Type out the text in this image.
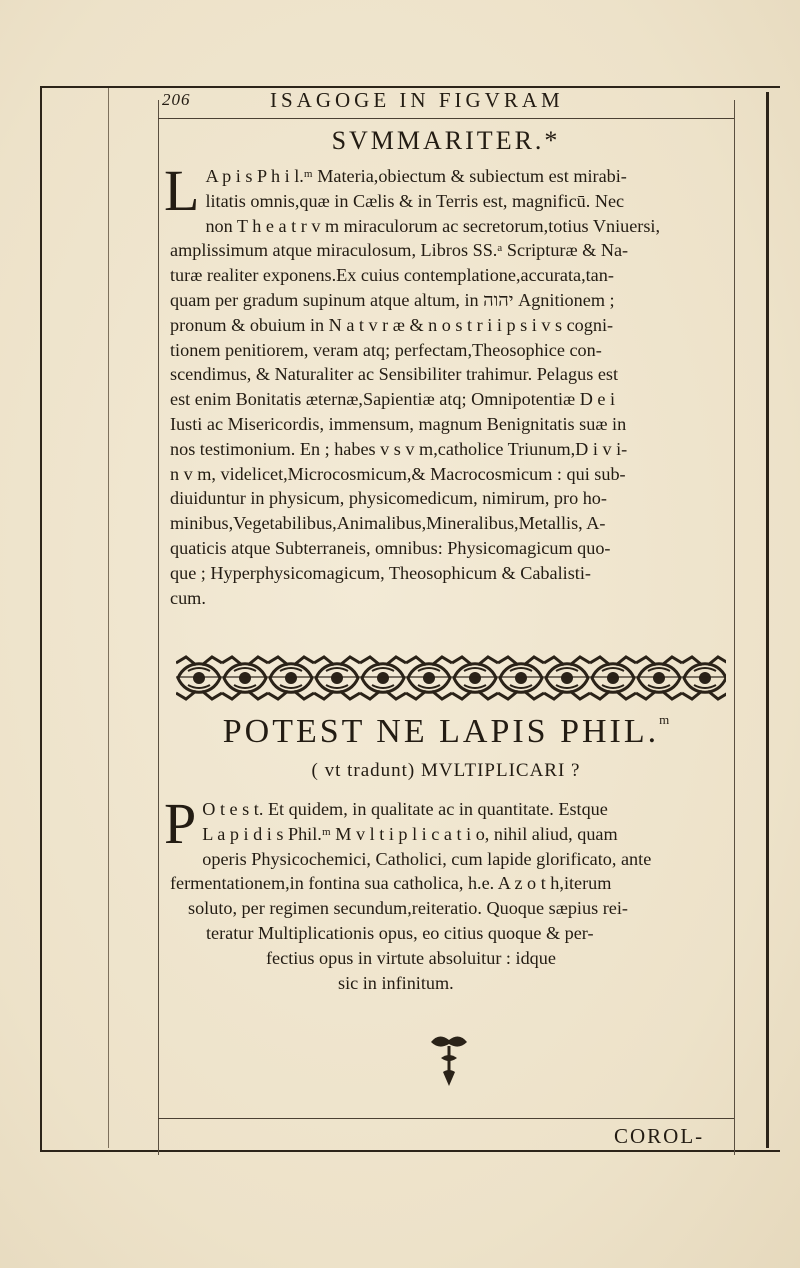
206	ISAGOGE IN FIGVRAM
SVMMARITER.*
L A p i s P h i l.ᵐ Materia,obiectum & subiectum est mirabi-
litatis omnis,quæ in Cælis & in Terris est, magnificū. Nec
non T h e a t r v m miraculorum ac secretorum,totius Vniuersi,
amplissimum atque miraculosum, Libros SS.ᵃ Scripturæ & Na-
turæ realiter exponens.Ex cuius contemplatione,accurata,tan-
quam per gradum supinum atque altum, in יהוה Agnitionem ;
pronum & obuium in N a t v r æ & n o s t r i i p s i v s cogni-
tionem penitiorem, veram atq; perfectam,Theosophice con-
scendimus, & Naturaliter ac Sensibiliter trahimur. Pelagus est
est enim Bonitatis æternæ,Sapientiæ atq; Omnipotentiæ D e i
Iusti ac Misericordis, immensum, magnum Benignitatis suæ in
nos testimonium. En ; habes v s v m,catholice Triunum,D i v i-
n v m, videlicet,Microcosmicum,& Macrocosmicum : qui sub-
diuiduntur in physicum, physicomedicum, nimirum, pro ho-
minibus,Vegetabilibus,Animalibus,Mineralibus,Metallis, A-
quaticis atque Subterraneis, omnibus: Physicomagicum quo-
que ; Hyperphysicomagicum, Theosophicum & Cabalisti-
cum.
POTEST NE LAPIS PHIL.$^m$
( vt tradunt) MVLTIPLICARI ?
P O t e s t. Et quidem, in qualitate ac in quantitate. Estque
L a p i d i s Phil.ᵐ M v l t i p l i c a t i o, nihil aliud, quam
operis Physicochemici, Catholici, cum lapide glorificato, ante
fermentationem,in fontina sua catholica, h.e. A z o t h,iterum
soluto, per regimen secundum,reiteratio. Quoque sæpius rei-
teratur Multiplicationis opus, eo citius quoque & per-
fectius opus in virtute absoluitur : idque
sic in infinitum.
COROL-
